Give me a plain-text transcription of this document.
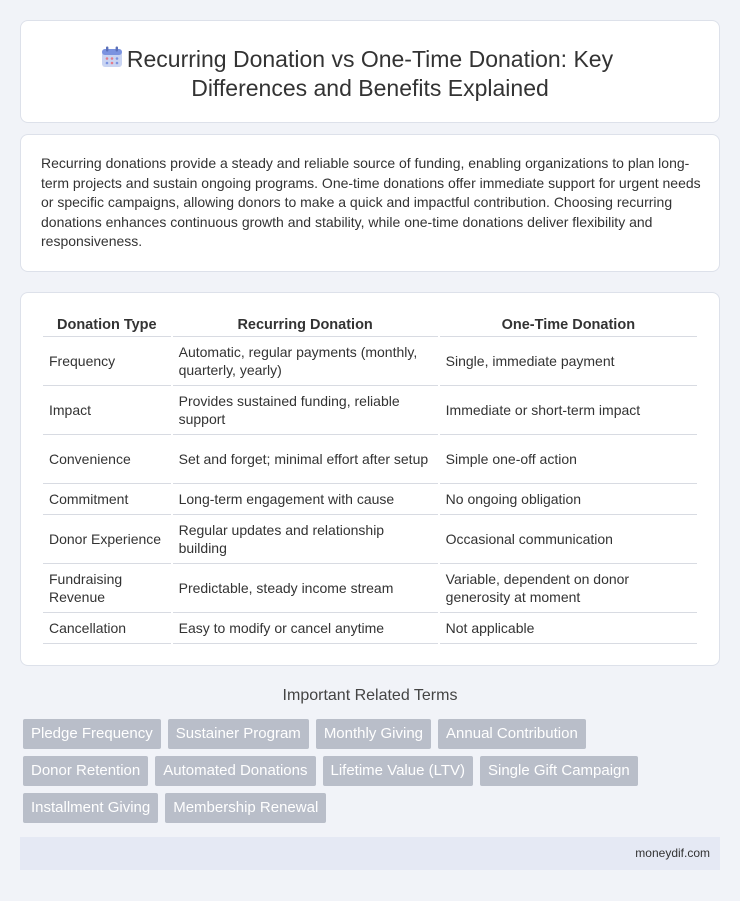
Recurring Donation vs One-Time Donation: Key Differences and Benefits Explained

Recurring donations provide a steady and reliable source of funding, enabling organizations to plan long-term projects and sustain ongoing programs. One-time donations offer immediate support for urgent needs or specific campaigns, allowing donors to make a quick and impactful contribution. Choosing recurring donations enhances continuous growth and stability, while one-time donations deliver flexibility and responsiveness.

Donation Type	Recurring Donation	One-Time Donation
Frequency	Automatic, regular payments (monthly, quarterly, yearly)	Single, immediate payment
Impact	Provides sustained funding, reliable support	Immediate or short-term impact
Convenience	Set and forget; minimal effort after setup	Simple one-off action
Commitment	Long-term engagement with cause	No ongoing obligation
Donor Experience	Regular updates and relationship building	Occasional communication
Fundraising Revenue	Predictable, steady income stream	Variable, dependent on donor generosity at moment
Cancellation	Easy to modify or cancel anytime	Not applicable
Important Related Terms
Pledge Frequency	Sustainer Program	Monthly Giving	Annual Contribution
Donor Retention	Automated Donations	Lifetime Value (LTV)	Single Gift Campaign
Installment Giving	Membership Renewal
moneydif.com
